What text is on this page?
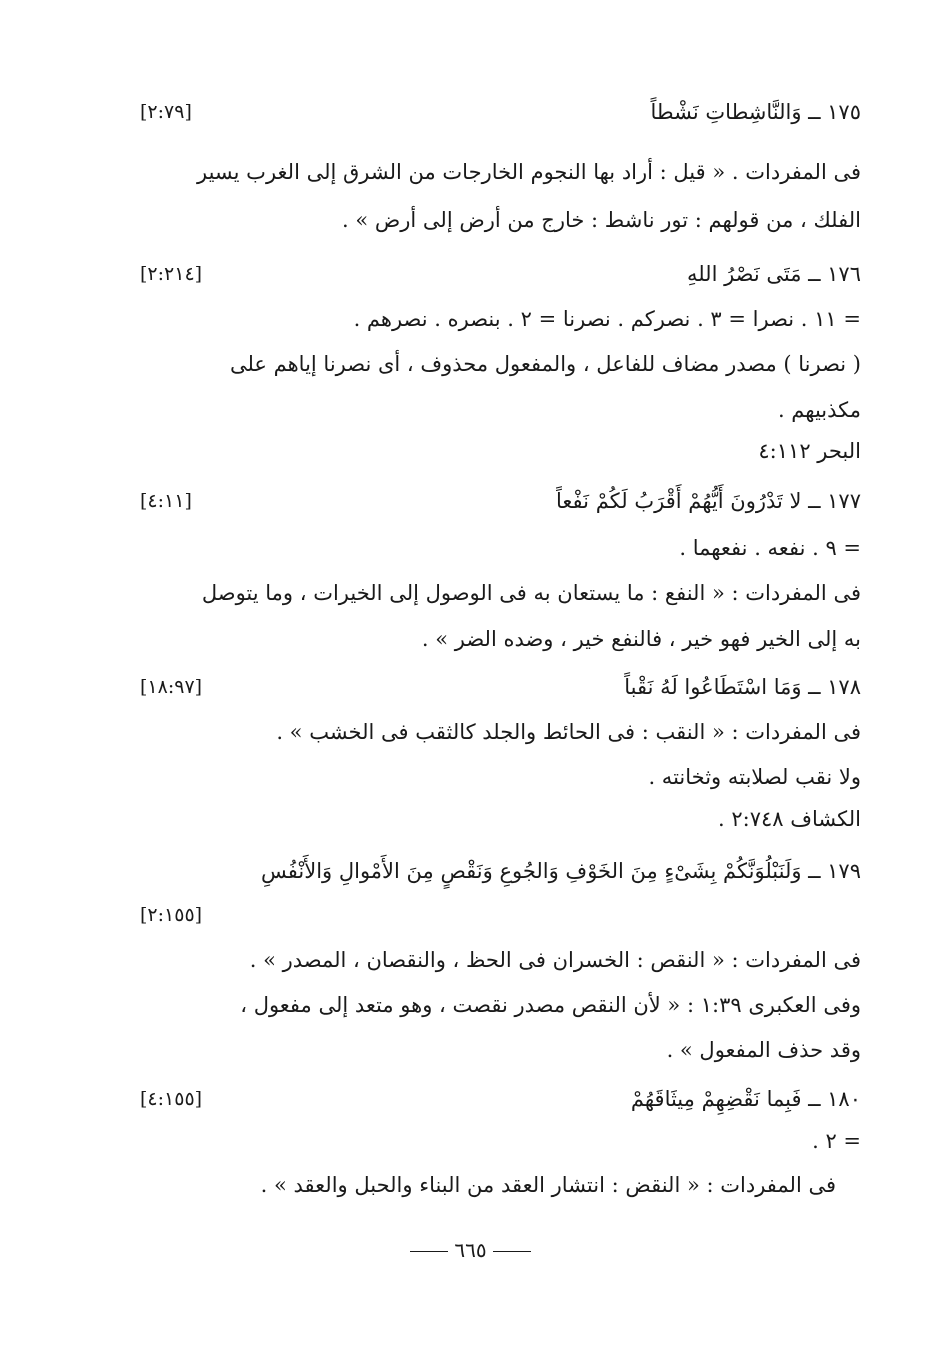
١٧٥ ــ وَالنَّاشِطاتِ نَشْطاً
[٢:٧٩]
فى المفردات . « قيل : أراد بها النجوم الخارجات من الشرق إلى الغرب يسير
الفلك ، من قولهم : تور ناشط : خارج من أرض إلى أرض » .
١٧٦ ــ مَتَى نَصْرُ اللهِ
[٢:٢١٤]
= ١١ . نصرا = ٣ . نصركم . نصرنا = ٢ . بنصره . نصرهم .
( نصرنا ) مصدر مضاف للفاعل ، والمفعول محذوف ، أى نصرنا إياهم على
مكذبيهم .
البحر ٤:١١٢
١٧٧ ــ لا تَدْرُونَ أَيُّهُمْ أَقْرَبُ لَكُمْ نَفْعاً
[٤:١١]
= ٩ . نفعه . نفعهما .
فى المفردات : « النفع : ما يستعان به فى الوصول إلى الخيرات ، وما يتوصل
به إلى الخير فهو خير ، فالنفع خير ، وضده الضر » .
١٧٨ ــ وَمَا اسْتَطَاعُوا لَهُ نَقْباً
[١٨:٩٧]
فى المفردات : « النقب : فى الحائط والجلد كالثقب فى الخشب » .
ولا نقب لصلابته وثخانته .
الكشاف ٢:٧٤٨ .
١٧٩ ــ وَلَنَبْلُوَنَّكُمْ بِشَىْءٍ مِنَ الخَوْفِ وَالجُوعِ وَنَقْصٍ مِنَ الأَمْوالِ وَالأَنْفُسِ
[٢:١٥٥]
فى المفردات : « النقص : الخسران فى الحظ ، والنقصان ، المصدر » .
وفى العكبرى ١:٣٩ : « لأن النقص مصدر نقصت ، وهو متعد إلى مفعول ،
وقد حذف المفعول » .
١٨٠ ــ فَبِما نَقْضِهِمْ مِيثَاقَهُمْ
[٤:١٥٥]
= ٢ .
فى المفردات : « النقض : انتشار العقد من البناء والحبل والعقد » .
٦٦٥
